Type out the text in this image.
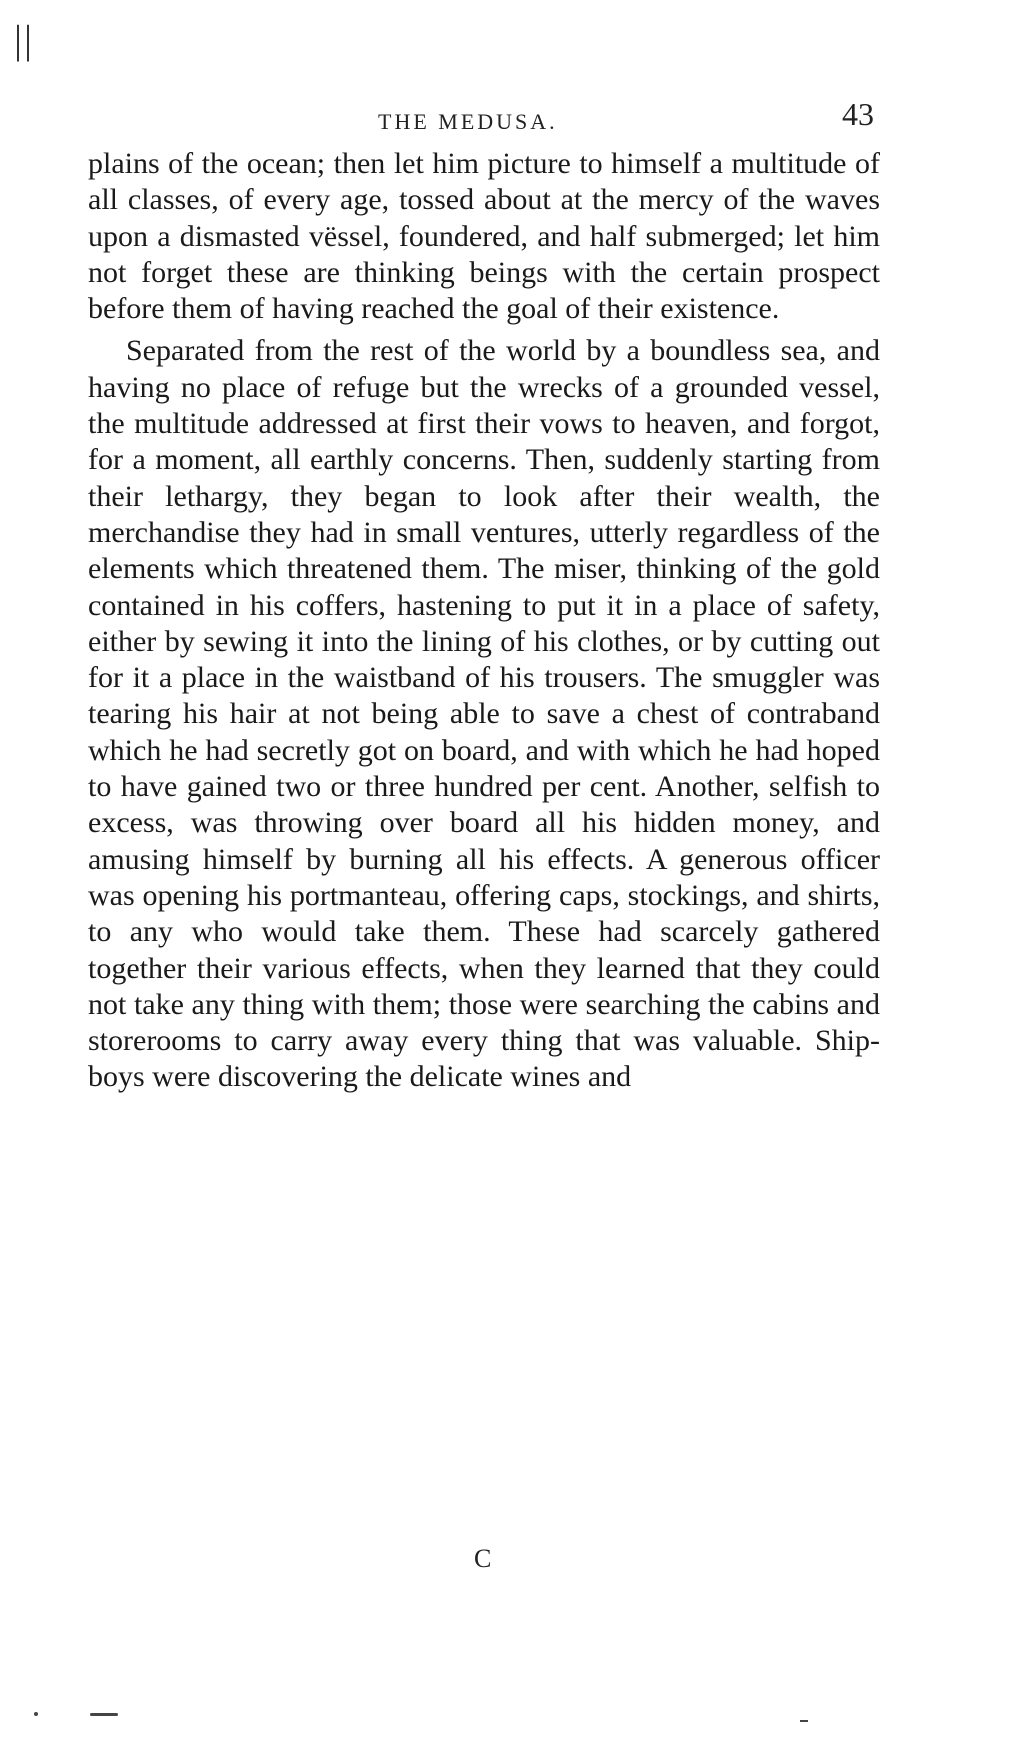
||
THE MEDUSA.	43

plains of the ocean; then let him picture to himself a multitude of all classes, of every age, tossed about at the mercy of the waves upon a dismasted vëssel, foundered, and half submerged; let him not forget these are thinking beings with the certain prospect before them of having reached the goal of their existence.

Separated from the rest of the world by a boundless sea, and having no place of refuge but the wrecks of a grounded vessel, the multitude addressed at first their vows to heaven, and forgot, for a moment, all earthly concerns. Then, suddenly starting from their lethargy, they began to look after their wealth, the merchandise they had in small ventures, utterly regardless of the elements which threatened them. The miser, thinking of the gold contained in his coffers, hastening to put it in a place of safety, either by sewing it into the lining of his clothes, or by cutting out for it a place in the waistband of his trousers. The smuggler was tearing his hair at not being able to save a chest of contraband which he had secretly got on board, and with which he had hoped to have gained two or three hundred per cent. Another, selfish to excess, was throwing over board all his hidden money, and amusing himself by burning all his effects. A generous officer was opening his portmanteau, offering caps, stockings, and shirts, to any who would take them. These had scarcely gathered together their various effects, when they learned that they could not take any thing with them; those were searching the cabins and storerooms to carry away every thing that was valuable. Ship-boys were discovering the delicate wines and

C
